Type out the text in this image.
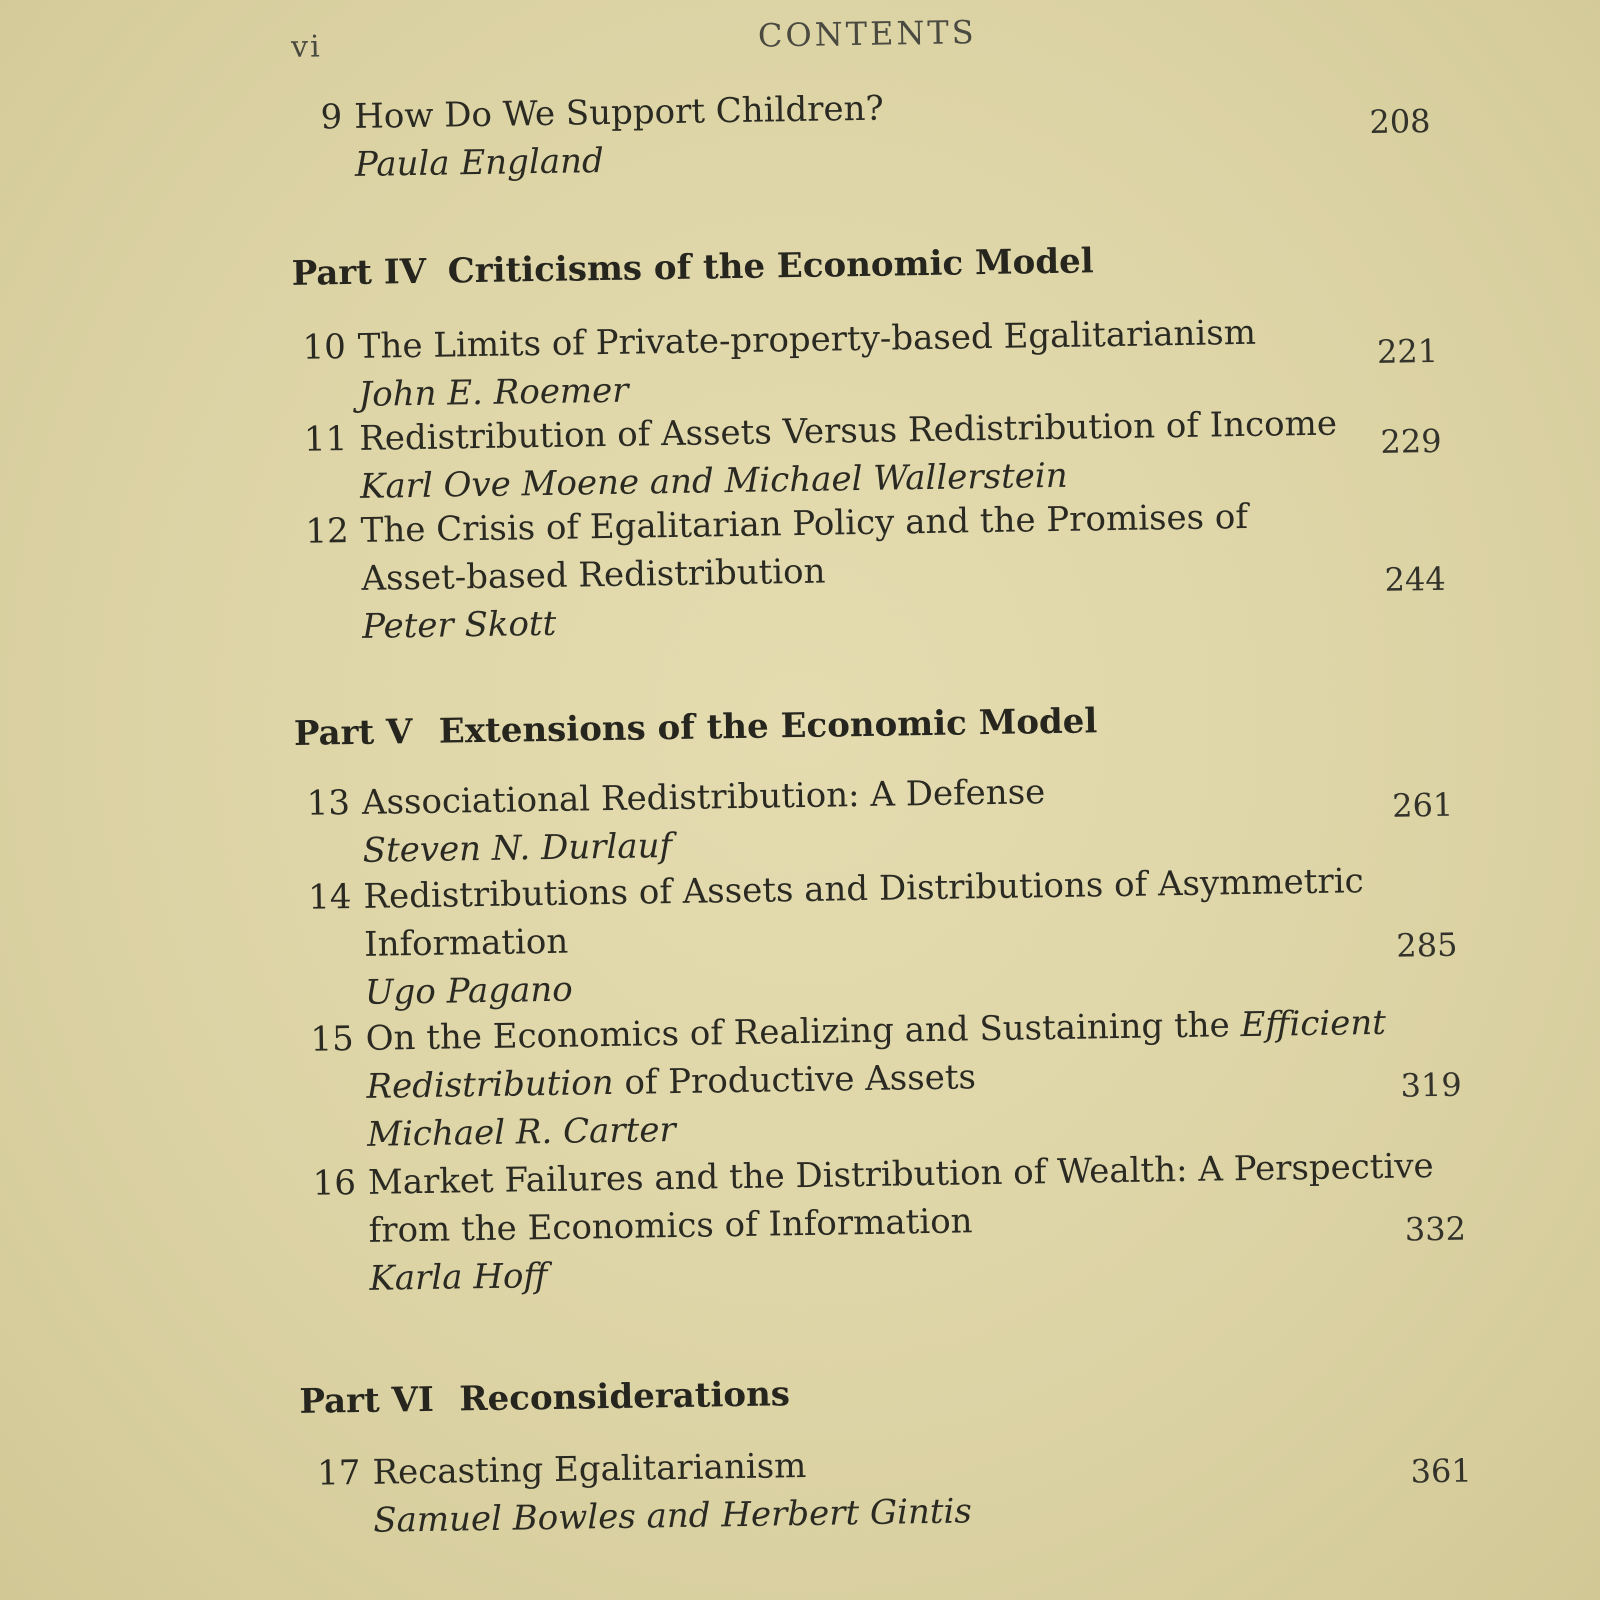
vi	CONTENTS
9 How Do We Support Children?
Paula England
208
Part IV Criticisms of the Economic Model
10 The Limits of Private-property-based Egalitarianism
John E. Roemer
221
11 Redistribution of Assets Versus Redistribution of Income
Karl Ove Moene and Michael Wallerstein
229
12 The Crisis of Egalitarian Policy and the Promises of
Asset-based Redistribution
Peter Skott
244
Part V Extensions of the Economic Model
13 Associational Redistribution: A Defense
Steven N. Durlauf
261
14 Redistributions of Assets and Distributions of Asymmetric
Information
Ugo Pagano
285
15 On the Economics of Realizing and Sustaining the Efficient
Redistribution of Productive Assets
Michael R. Carter
319
16 Market Failures and the Distribution of Wealth: A Perspective
from the Economics of Information
Karla Hoff
332
Part VI Reconsiderations
17 Recasting Egalitarianism
Samuel Bowles and Herbert Gintis
361
